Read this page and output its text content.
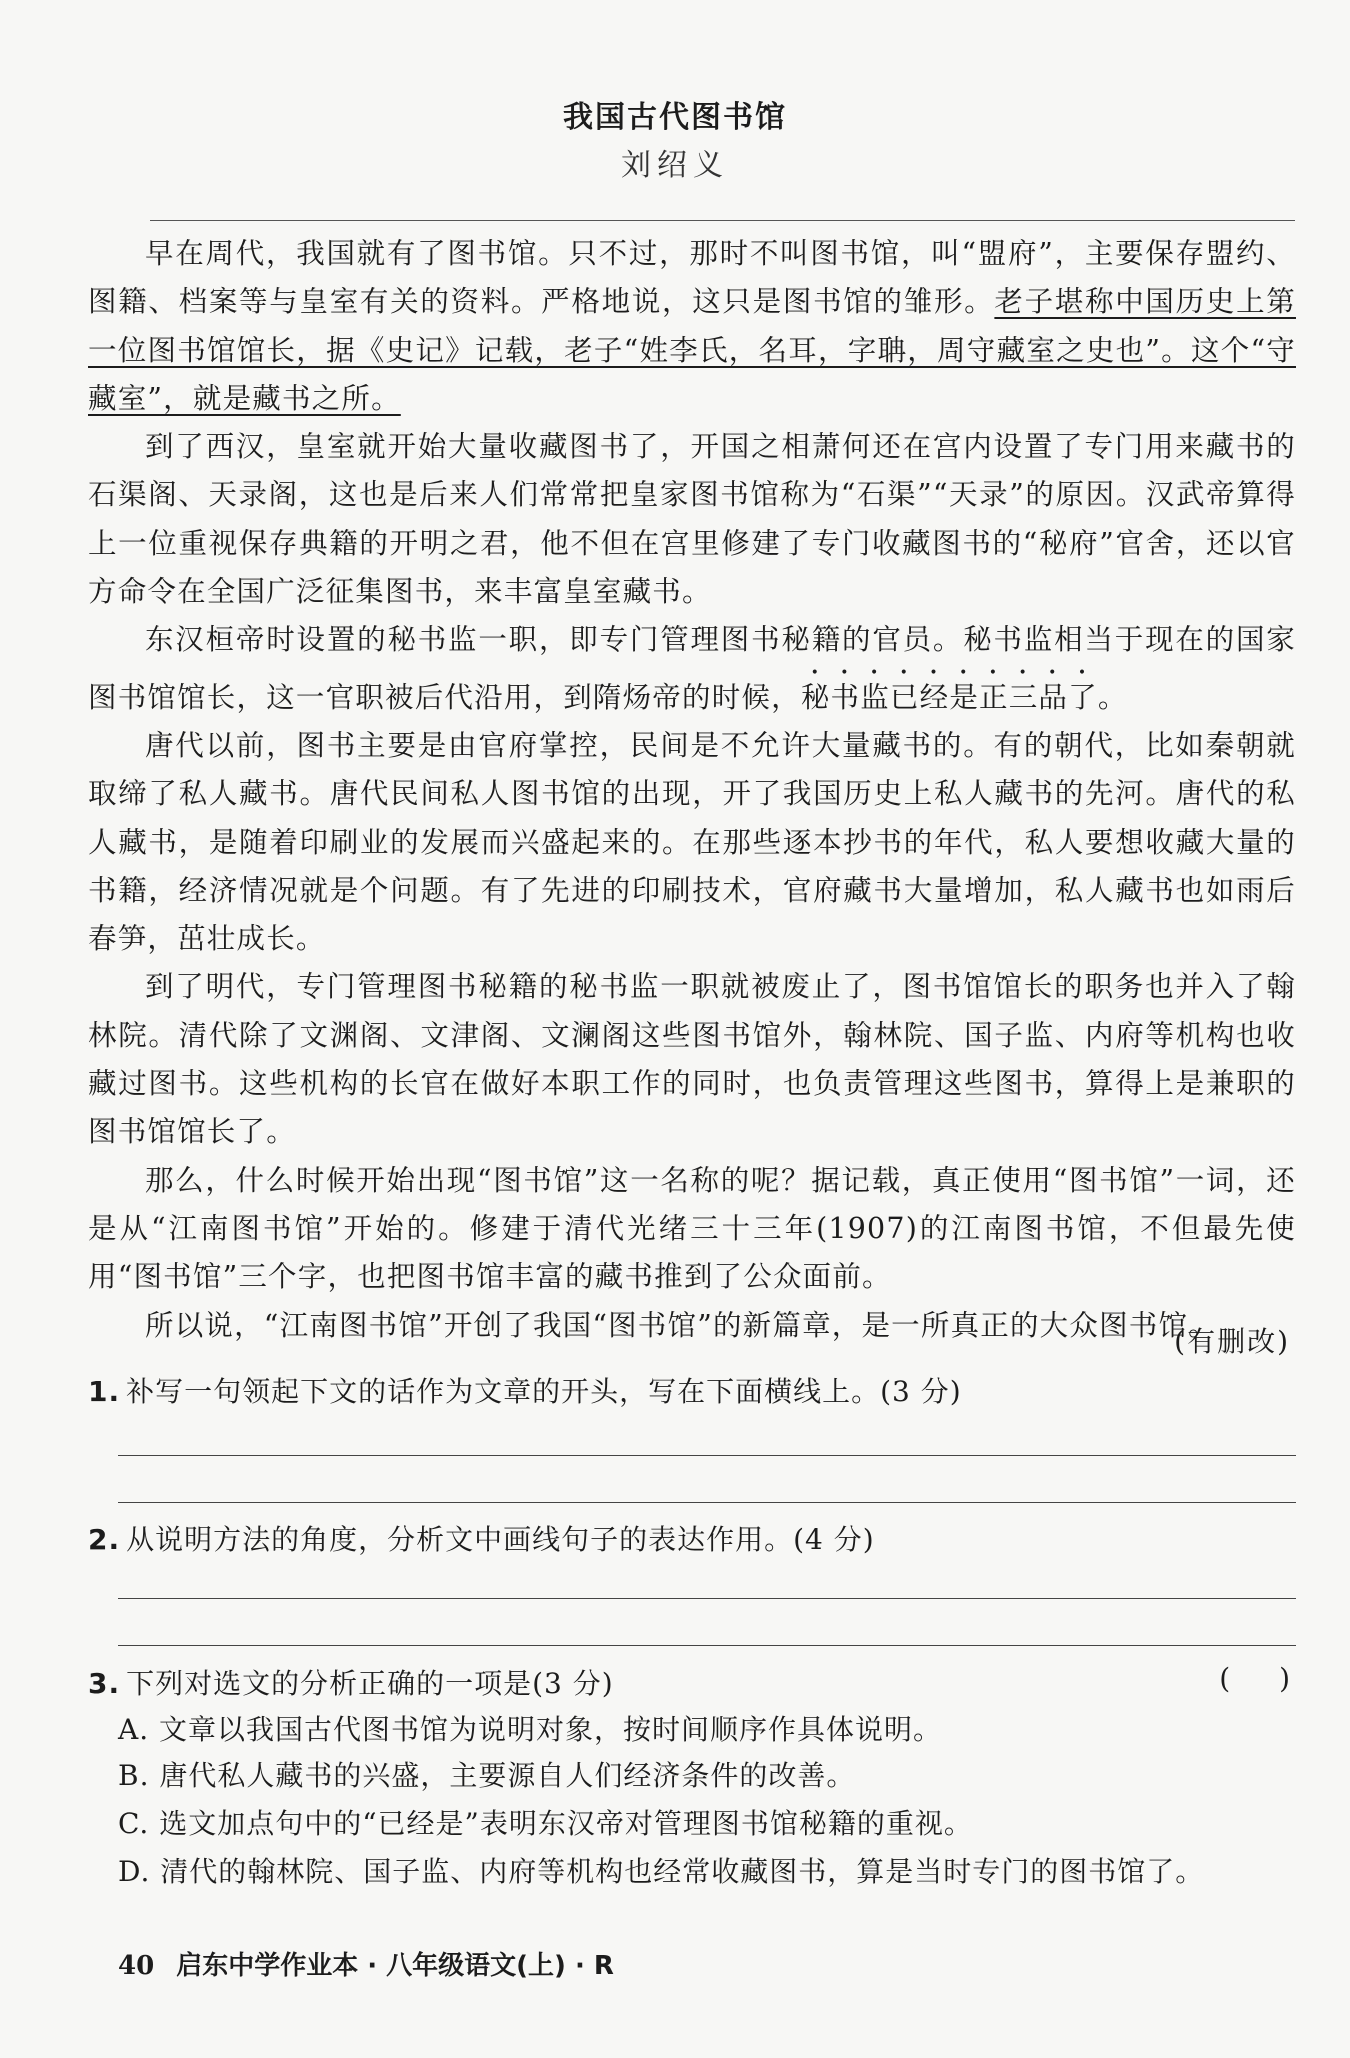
我国古代图书馆
刘绍义

早在周代，我国就有了图书馆。只不过，那时不叫图书馆，叫“盟府”，主要保存盟约、图籍、档案等与皇室有关的资料。严格地说，这只是图书馆的雏形。老子堪称中国历史上第一位图书馆馆长，据《史记》记载，老子“姓李氏，名耳，字聃，周守藏室之史也”。这个“守藏室”，就是藏书之所。

到了西汉，皇室就开始大量收藏图书了，开国之相萧何还在宫内设置了专门用来藏书的石渠阁、天录阁，这也是后来人们常常把皇家图书馆称为“石渠”“天录”的原因。汉武帝算得上一位重视保存典籍的开明之君，他不但在宫里修建了专门收藏图书的“秘府”官舍，还以官方命令在全国广泛征集图书，来丰富皇室藏书。

东汉桓帝时设置的秘书监一职，即专门管理图书秘籍的官员。秘书监相当于现在的国家图书馆馆长，这一官职被后代沿用，到隋炀帝的时候，秘书监已经是正三品了。

唐代以前，图书主要是由官府掌控，民间是不允许大量藏书的。有的朝代，比如秦朝就取缔了私人藏书。唐代民间私人图书馆的出现，开了我国历史上私人藏书的先河。唐代的私人藏书，是随着印刷业的发展而兴盛起来的。在那些逐本抄书的年代，私人要想收藏大量的书籍，经济情况就是个问题。有了先进的印刷技术，官府藏书大量增加，私人藏书也如雨后春笋，茁壮成长。

到了明代，专门管理图书秘籍的秘书监一职就被废止了，图书馆馆长的职务也并入了翰林院。清代除了文渊阁、文津阁、文澜阁这些图书馆外，翰林院、国子监、内府等机构也收藏过图书。这些机构的长官在做好本职工作的同时，也负责管理这些图书，算得上是兼职的图书馆馆长了。

那么，什么时候开始出现“图书馆”这一名称的呢？据记载，真正使用“图书馆”一词，还是从“江南图书馆”开始的。修建于清代光绪三十三年(1907)的江南图书馆，不但最先使用“图书馆”三个字，也把图书馆丰富的藏书推到了公众面前。

所以说，“江南图书馆”开创了我国“图书馆”的新篇章，是一所真正的大众图书馆。

(有删改)
1. 补写一句领起下文的话作为文章的开头，写在下面横线上。(3 分)
2. 从说明方法的角度，分析文中画线句子的表达作用。(4 分)
3. 下列对选文的分析正确的一项是(3 分)	( )
A. 文章以我国古代图书馆为说明对象，按时间顺序作具体说明。
B. 唐代私人藏书的兴盛，主要源自人们经济条件的改善。
C. 选文加点句中的“已经是”表明东汉帝对管理图书馆秘籍的重视。
D. 清代的翰林院、国子监、内府等机构也经常收藏图书，算是当时专门的图书馆了。
40 启东中学作业本 · 八年级语文(上) · R
